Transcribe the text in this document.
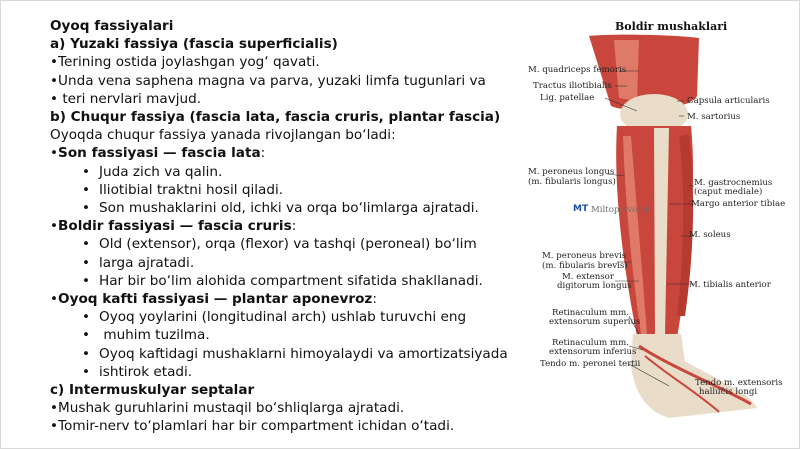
Oyoq fassiyalari
a) Yuzaki fassiya (fascia superficialis)
•Terining ostida joylashgan yog‘ qavati.
•Unda vena saphena magna va parva, yuzaki limfa tugunlari va
• teri nervlari mavjud.
b) Chuqur fassiya (fascia lata, fascia cruris, plantar fascia)
Oyoqda chuqur fassiya yanada rivojlangan bo‘ladi:
•Son fassiyasi — fascia lata:
• Juda zich va qalin.
• Iliotibial traktni hosil qiladi.
• Son mushaklarini old, ichki va orqa bo‘limlarga ajratadi.
•Boldir fassiyasi — fascia cruris:
• Old (extensor), orqa (flexor) va tashqi (peroneal) bo‘lim
• larga ajratadi.
• Har bir bo‘lim alohida compartment sifatida shakllanadi.
•Oyoq kafti fassiyasi — plantar aponevroz:
• Oyoq yoylarini (longitudinal arch) ushlab turuvchi eng
•  muhim tuzilma.
• Oyoq kaftidagi mushaklarni himoyalaydi va amortizatsiyada
• ishtirok etadi.
c) Intermuskulyar septalar
•Mushak guruhlarini mustaqil bo‘shliqlarga ajratadi.
•Tomir-nerv to‘plamlari har bir compartment ichidan o‘tadi.
Boldir mushaklari
M. quadriceps femoris
Tractus iliotibialis
Lig. patellae
M. peroneus longus
(m. fibularis longus)
M. peroneus brevis
(m. fibularis brevis)
M. extensor
digitorum longus
Retinaculum mm.
extensorum superius
Retinaculum mm.
extensorum inferius
Tendo m. peronei tertii
Capsula articularis
M. sartorius
M. gastrocnemius
(caput mediale)
Margo anterior tibiae
M. soleus
M. tibialis anterior
Tendo m. extensoris
hallucis longi
MT Miltop.ovo.uz
